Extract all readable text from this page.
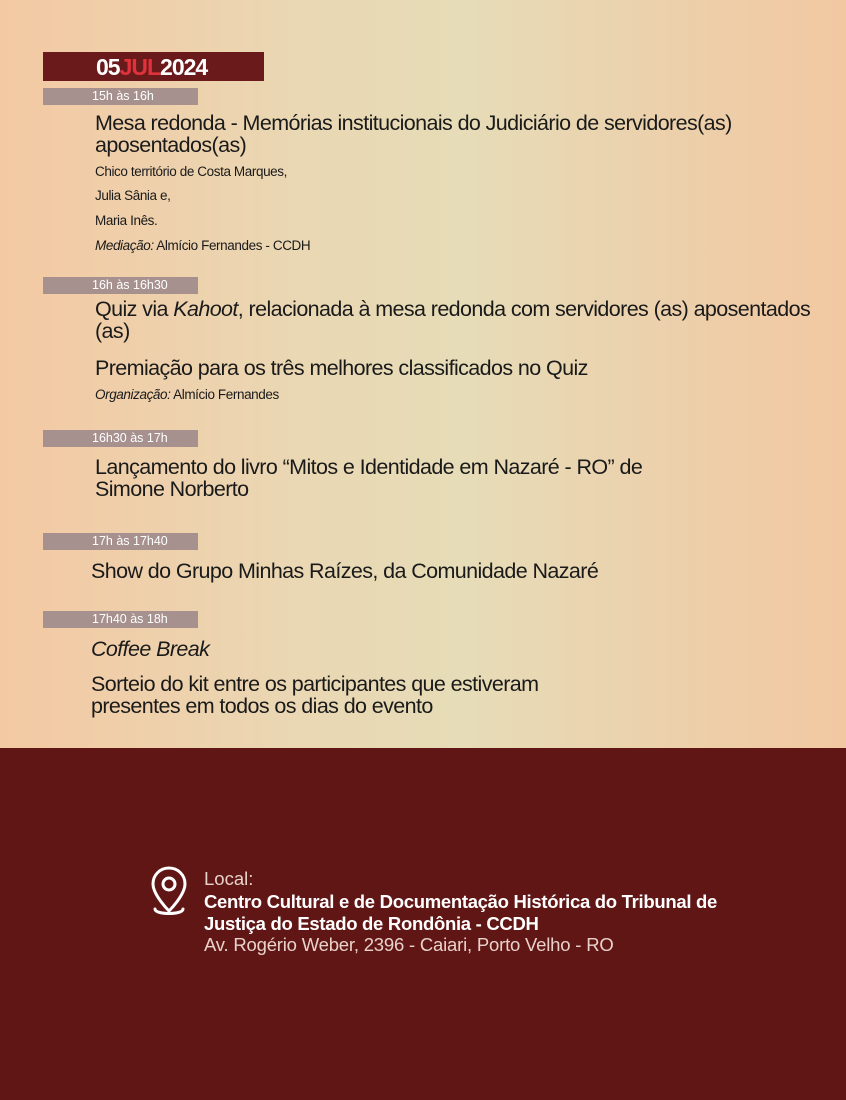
05JUL2024
15h às 16h
Mesa redonda - Memórias institucionais do Judiciário de servidores(as) aposentados(as)
Chico território de Costa Marques,
Julia Sânia e,
Maria Inês.
Mediação: Almício Fernandes - CCDH
16h às 16h30
Quiz via Kahoot, relacionada à mesa redonda com servidores (as) aposentados (as)
Premiação para os três melhores classificados no Quiz
Organização: Almício Fernandes
16h30 às 17h
Lançamento do livro “Mitos e Identidade em Nazaré - RO” de Simone Norberto
17h às 17h40
Show do Grupo Minhas Raízes, da Comunidade Nazaré
17h40 às 18h
Coffee Break
Sorteio do kit entre os participantes que estiveram presentes em todos os dias do evento
Local:
Centro Cultural e de Documentação Histórica do Tribunal de Justiça do Estado de Rondônia - CCDH
Av. Rogério Weber, 2396 - Caiari, Porto Velho - RO
